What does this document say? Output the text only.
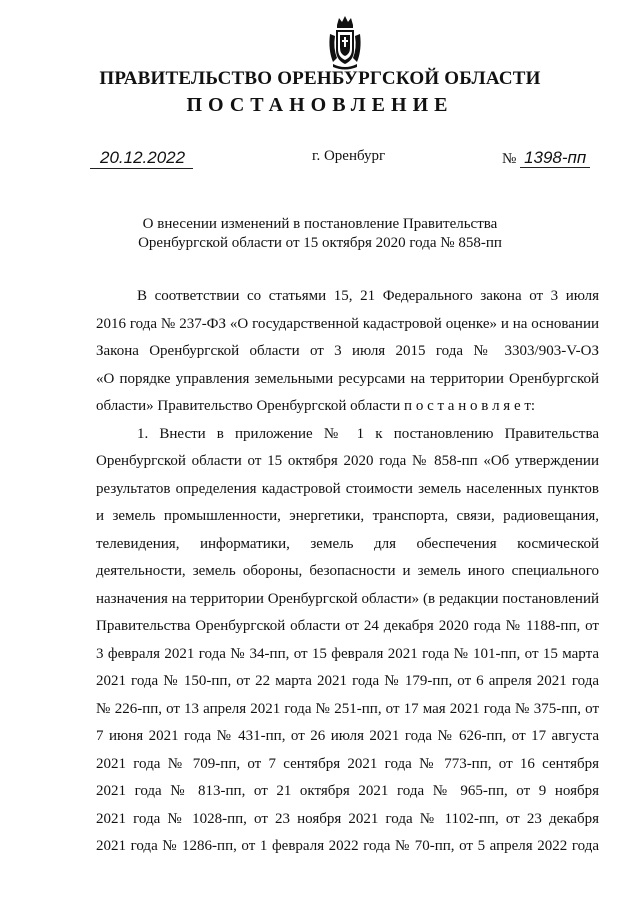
ПРАВИТЕЛЬСТВО ОРЕНБУРГСКОЙ ОБЛАСТИ
ПОСТАНОВЛЕНИЕ
20.12.2022	г. Оренбург	№ 1398-пп
О внесении изменений в постановление Правительства
Оренбургской области от 15 октября 2020 года № 858-пп
В соответствии со статьями 15, 21 Федерального закона от 3 июля
2016 года № 237-ФЗ «О государственной кадастровой оценке» и на основании
Закона Оренбургской области от 3 июля 2015 года № 3303/903-V-ОЗ
«О порядке управления земельными ресурсами на территории Оренбургской
области» Правительство Оренбургской области п о с т а н о в л я е т:
1. Внести в приложение № 1 к постановлению Правительства
Оренбургской области от 15 октября 2020 года № 858-пп «Об утверждении
результатов определения кадастровой стоимости земель населенных пунктов
и земель промышленности, энергетики, транспорта, связи, радиовещания,
телевидения, информатики, земель для обеспечения космической
деятельности, земель обороны, безопасности и земель иного специального
назначения на территории Оренбургской области» (в редакции постановлений
Правительства Оренбургской области от 24 декабря 2020 года № 1188-пп, от
3 февраля 2021 года № 34-пп, от 15 февраля 2021 года № 101-пп, от 15 марта
2021 года № 150-пп, от 22 марта 2021 года № 179-пп, от 6 апреля 2021 года
№ 226-пп, от 13 апреля 2021 года № 251-пп, от 17 мая 2021 года № 375-пп, от
7 июня 2021 года № 431-пп, от 26 июля 2021 года № 626-пп, от 17 августа
2021 года № 709-пп, от 7 сентября 2021 года № 773-пп, от 16 сентября
2021 года № 813-пп, от 21 октября 2021 года № 965-пп, от 9 ноября
2021 года № 1028-пп, от 23 ноября 2021 года № 1102-пп, от 23 декабря
2021 года № 1286-пп, от 1 февраля 2022 года № 70-пп, от 5 апреля 2022 года
